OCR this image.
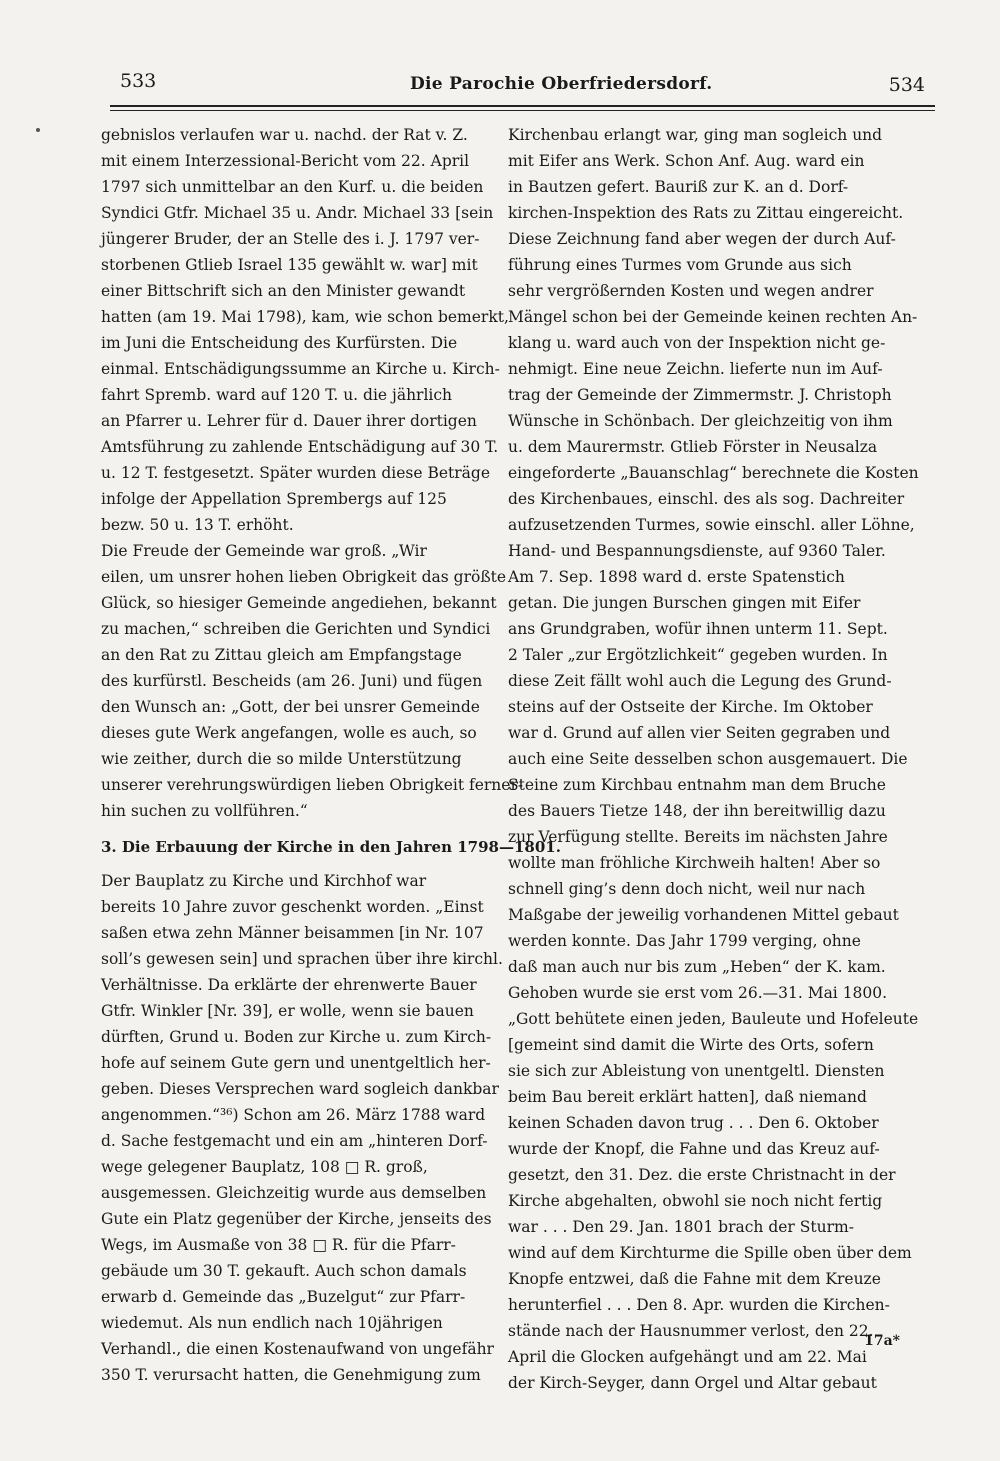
533	Die Parochie Oberfriedersdorf.	534
gebnislos verlaufen war u. nachd. der Rat v. Z.
mit einem Interzessional-Bericht vom 22. April
1797 sich unmittelbar an den Kurf. u. die beiden
Syndici Gtfr. Michael 35 u. Andr. Michael 33 [sein
jüngerer Bruder, der an Stelle des i. J. 1797 ver-
storbenen Gtlieb Israel 135 gewählt w. war] mit
einer Bittschrift sich an den Minister gewandt
hatten (am 19. Mai 1798), kam, wie schon bemerkt,
im Juni die Entscheidung des Kurfürsten. Die
einmal. Entschädigungssumme an Kirche u. Kirch-
fahrt Spremb. ward auf 120 T. u. die jährlich
an Pfarrer u. Lehrer für d. Dauer ihrer dortigen
Amtsführung zu zahlende Entschädigung auf 30 T.
u. 12 T. festgesetzt. Später wurden diese Beträge
infolge der Appellation Sprembergs auf 125
bezw. 50 u. 13 T. erhöht.
Die Freude der Gemeinde war groß. „Wir
eilen, um unsrer hohen lieben Obrigkeit das größte
Glück, so hiesiger Gemeinde angediehen, bekannt
zu machen,“ schreiben die Gerichten und Syndici
an den Rat zu Zittau gleich am Empfangstage
des kurfürstl. Bescheids (am 26. Juni) und fügen
den Wunsch an: „Gott, der bei unsrer Gemeinde
dieses gute Werk angefangen, wolle es auch, so
wie zeither, durch die so milde Unterstützung
unserer verehrungswürdigen lieben Obrigkeit ferner-
hin suchen zu vollführen.“
3. Die Erbauung der Kirche in den Jahren 1798—1801.
Der Bauplatz zu Kirche und Kirchhof war
bereits 10 Jahre zuvor geschenkt worden. „Einst
saßen etwa zehn Männer beisammen [in Nr. 107
soll’s gewesen sein] und sprachen über ihre kirchl.
Verhältnisse. Da erklärte der ehrenwerte Bauer
Gtfr. Winkler [Nr. 39], er wolle, wenn sie bauen
dürften, Grund u. Boden zur Kirche u. zum Kirch-
hofe auf seinem Gute gern und unentgeltlich her-
geben. Dieses Versprechen ward sogleich dankbar
angenommen.“³⁶) Schon am 26. März 1788 ward
d. Sache festgemacht und ein am „hinteren Dorf-
wege gelegener Bauplatz, 108 □ R. groß,
ausgemessen. Gleichzeitig wurde aus demselben
Gute ein Platz gegenüber der Kirche, jenseits des
Wegs, im Ausmaße von 38 □ R. für die Pfarr-
gebäude um 30 T. gekauft. Auch schon damals
erwarb d. Gemeinde das „Buzelgut“ zur Pfarr-
wiedemut. Als nun endlich nach 10jährigen
Verhandl., die einen Kostenaufwand von ungefähr
350 T. verursacht hatten, die Genehmigung zum
Kirchenbau erlangt war, ging man sogleich und
mit Eifer ans Werk. Schon Anf. Aug. ward ein
in Bautzen gefert. Bauriß zur K. an d. Dorf-
kirchen-Inspektion des Rats zu Zittau eingereicht.
Diese Zeichnung fand aber wegen der durch Auf-
führung eines Turmes vom Grunde aus sich
sehr vergrößernden Kosten und wegen andrer
Mängel schon bei der Gemeinde keinen rechten An-
klang u. ward auch von der Inspektion nicht ge-
nehmigt. Eine neue Zeichn. lieferte nun im Auf-
trag der Gemeinde der Zimmermstr. J. Christoph
Wünsche in Schönbach. Der gleichzeitig von ihm
u. dem Maurermstr. Gtlieb Förster in Neusalza
eingeforderte „Bauanschlag“ berechnete die Kosten
des Kirchenbaues, einschl. des als sog. Dachreiter
aufzusetzenden Turmes, sowie einschl. aller Löhne,
Hand- und Bespannungsdienste, auf 9360 Taler.
Am 7. Sep. 1898 ward d. erste Spatenstich
getan. Die jungen Burschen gingen mit Eifer
ans Grundgraben, wofür ihnen unterm 11. Sept.
2 Taler „zur Ergötzlichkeit“ gegeben wurden. In
diese Zeit fällt wohl auch die Legung des Grund-
steins auf der Ostseite der Kirche. Im Oktober
war d. Grund auf allen vier Seiten gegraben und
auch eine Seite desselben schon ausgemauert. Die
Steine zum Kirchbau entnahm man dem Bruche
des Bauers Tietze 148, der ihn bereitwillig dazu
zur Verfügung stellte. Bereits im nächsten Jahre
wollte man fröhliche Kirchweih halten! Aber so
schnell ging’s denn doch nicht, weil nur nach
Maßgabe der jeweilig vorhandenen Mittel gebaut
werden konnte. Das Jahr 1799 verging, ohne
daß man auch nur bis zum „Heben“ der K. kam.
Gehoben wurde sie erst vom 26.—31. Mai 1800.
„Gott behütete einen jeden, Bauleute und Hofeleute
[gemeint sind damit die Wirte des Orts, sofern
sie sich zur Ableistung von unentgeltl. Diensten
beim Bau bereit erklärt hatten], daß niemand
keinen Schaden davon trug . . . Den 6. Oktober
wurde der Knopf, die Fahne und das Kreuz auf-
gesetzt, den 31. Dez. die erste Christnacht in der
Kirche abgehalten, obwohl sie noch nicht fertig
war . . . Den 29. Jan. 1801 brach der Sturm-
wind auf dem Kirchturme die Spille oben über dem
Knopfe entzwei, daß die Fahne mit dem Kreuze
herunterfiel . . . Den 8. Apr. wurden die Kirchen-
stände nach der Hausnummer verlost, den 22.
April die Glocken aufgehängt und am 22. Mai
der Kirch-Seyger, dann Orgel und Altar gebaut
17a*
